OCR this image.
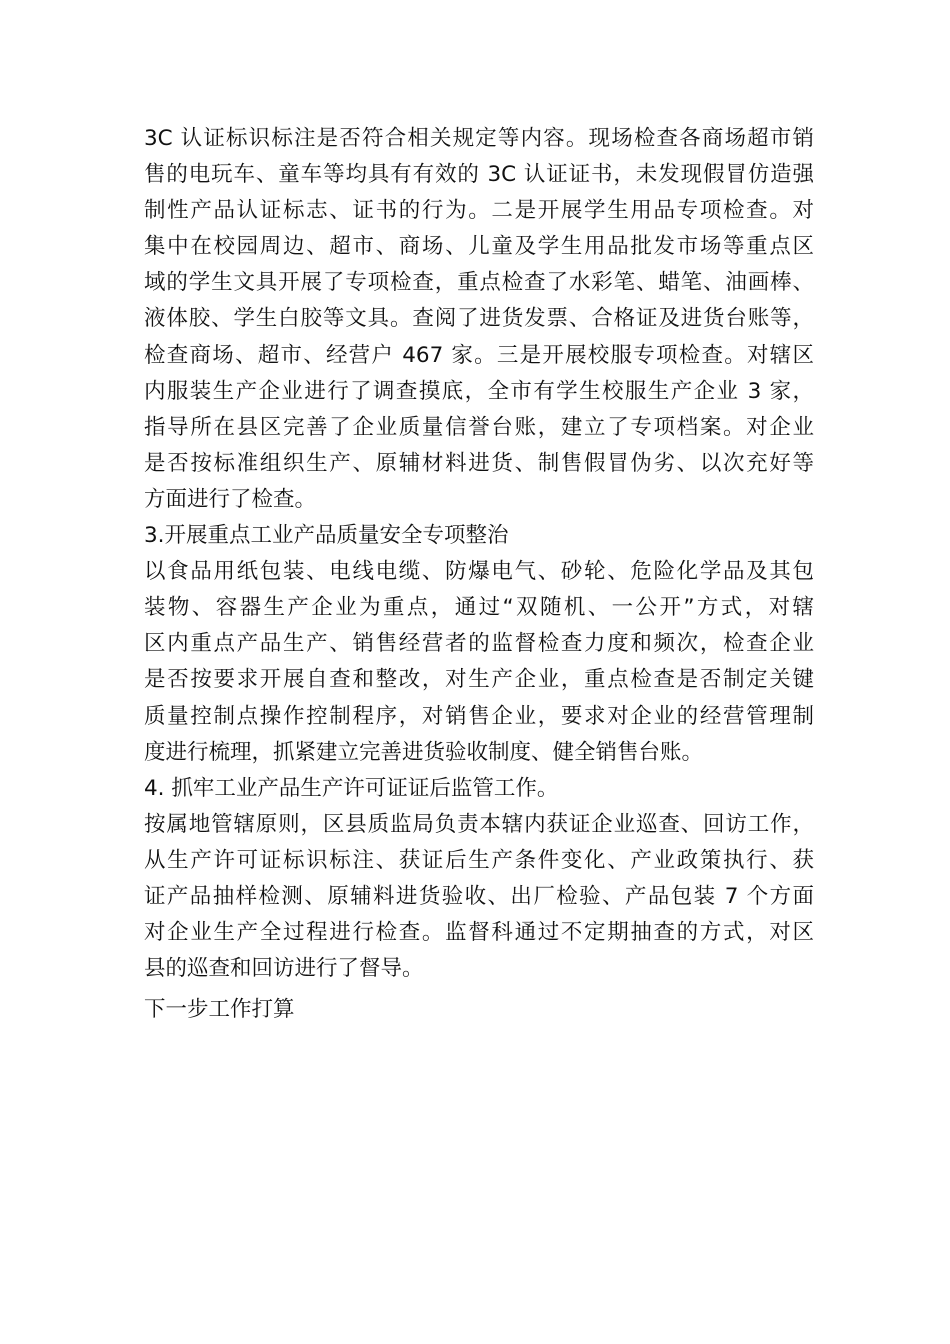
3C 认证标识标注是否符合相关规定等内容。现场检查各商场超市销
售的电玩车、童车等均具有有效的 3C 认证证书，未发现假冒仿造强
制性产品认证标志、证书的行为。二是开展学生用品专项检查。对
集中在校园周边、超市、商场、儿童及学生用品批发市场等重点区
域的学生文具开展了专项检查，重点检查了水彩笔、蜡笔、油画棒、
液体胶、学生白胶等文具。查阅了进货发票、合格证及进货台账等，
检查商场、超市、经营户 467 家。三是开展校服专项检查。对辖区
内服装生产企业进行了调查摸底，全市有学生校服生产企业 3 家，
指导所在县区完善了企业质量信誉台账，建立了专项档案。对企业
是否按标准组织生产、原辅材料进货、制售假冒伪劣、以次充好等
方面进行了检查。
3.开展重点工业产品质量安全专项整治
以食品用纸包装、电线电缆、防爆电气、砂轮、危险化学品及其包
装物、容器生产企业为重点，通过“双随机、一公开”方式，对辖
区内重点产品生产、销售经营者的监督检查力度和频次，检查企业
是否按要求开展自查和整改，对生产企业，重点检查是否制定关键
质量控制点操作控制程序，对销售企业，要求对企业的经营管理制
度进行梳理，抓紧建立完善进货验收制度、健全销售台账。
4. 抓牢工业产品生产许可证证后监管工作。
按属地管辖原则，区县质监局负责本辖内获证企业巡查、回访工作，
从生产许可证标识标注、获证后生产条件变化、产业政策执行、获
证产品抽样检测、原辅料进货验收、出厂检验、产品包装 7 个方面
对企业生产全过程进行检查。监督科通过不定期抽查的方式，对区
县的巡查和回访进行了督导。
下一步工作打算
